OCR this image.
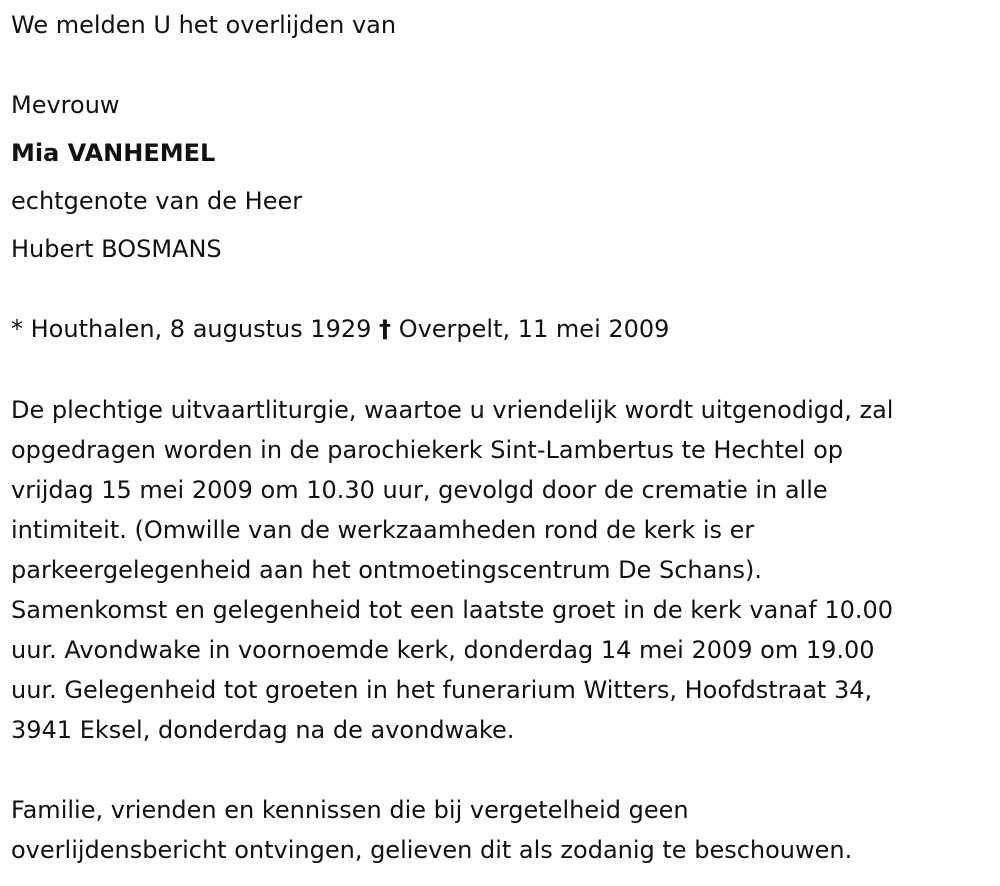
We melden U het overlijden van
Mevrouw
Mia VANHEMEL
echtgenote van de Heer
Hubert BOSMANS
* Houthalen, 8 augustus 1929 † Overpelt, 11 mei 2009
De plechtige uitvaartliturgie, waartoe u vriendelijk wordt uitgenodigd, zal
opgedragen worden in de parochiekerk Sint-Lambertus te Hechtel op
vrijdag 15 mei 2009 om 10.30 uur, gevolgd door de crematie in alle
intimiteit. (Omwille van de werkzaamheden rond de kerk is er
parkeergelegenheid aan het ontmoetingscentrum De Schans).
Samenkomst en gelegenheid tot een laatste groet in de kerk vanaf 10.00
uur. Avondwake in voornoemde kerk, donderdag 14 mei 2009 om 19.00
uur. Gelegenheid tot groeten in het funerarium Witters, Hoofdstraat 34,
3941 Eksel, donderdag na de avondwake.
Familie, vrienden en kennissen die bij vergetelheid geen
overlijdensbericht ontvingen, gelieven dit als zodanig te beschouwen.
